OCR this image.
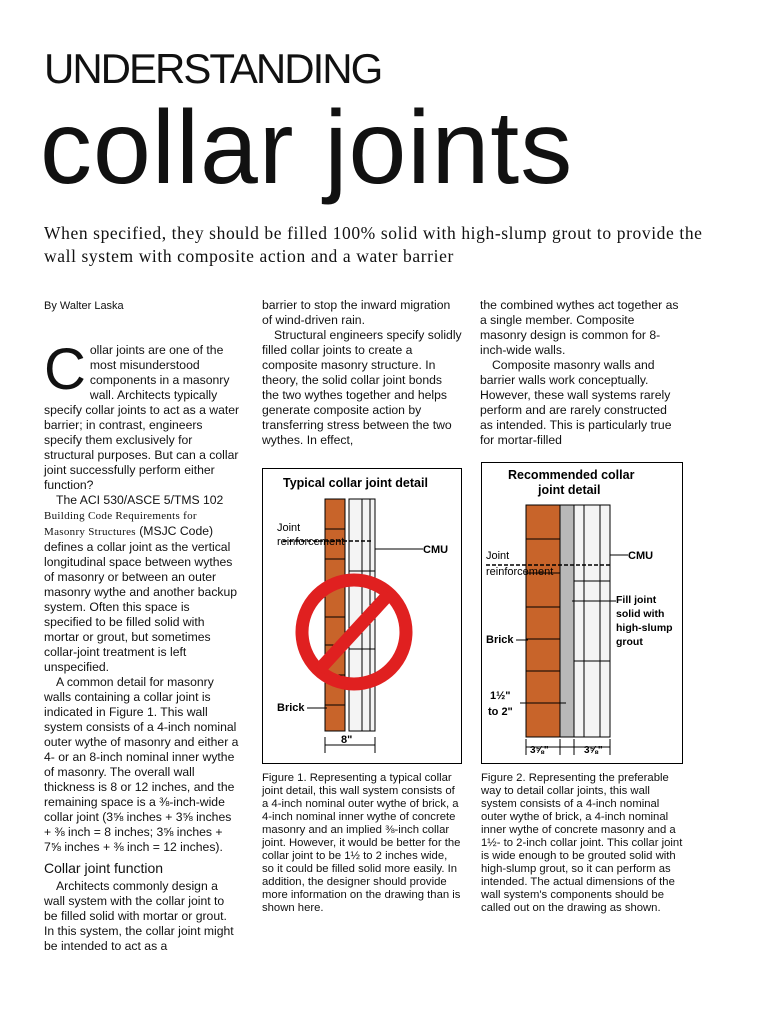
UNDERSTANDING
collar joints
When specified, they should be filled 100% solid with high-slump grout to provide the wall system with composite action and a water barrier
By Walter Laska

Collar joints are one of the most misunderstood components in a masonry wall. Architects typically specify collar joints to act as a water barrier; in contrast, engineers specify them exclusively for structural purposes. But can a collar joint successfully perform either function?

The ACI 530/ASCE 5/TMS 102 Building Code Requirements for Masonry Structures (MSJC Code) defines a collar joint as the vertical longitudinal space between wythes of masonry or between an outer masonry wythe and another backup system. Often this space is specified to be filled solid with mortar or grout, but sometimes collar-joint treatment is left unspecified.

A common detail for masonry walls containing a collar joint is indicated in Figure 1. This wall system consists of a 4-inch nominal outer wythe of masonry and either a 4- or an 8-inch nominal inner wythe of masonry. The overall wall thickness is 8 or 12 inches, and the remaining space is a ⅜-inch-wide collar joint (3⅝ inches + 3⅝ inches + ⅜ inch = 8 inches; 3⅝ inches + 7⅝ inches + ⅜ inch = 12 inches).

Collar joint function

Architects commonly design a wall system with the collar joint to be filled solid with mortar or grout. In this system, the collar joint might be intended to act as a

barrier to stop the inward migration of wind-driven rain.

Structural engineers specify solidly filled collar joints to create a composite masonry structure. In theory, the solid collar joint bonds the two wythes together and helps generate composite action by transferring stress between the two wythes. In effect,

the combined wythes act together as a single member. Composite masonry design is common for 8-inch-wide walls.

Composite masonry walls and barrier walls work conceptually. However, these wall systems rarely perform and are rarely constructed as intended. This is particularly true for mortar-filled

Typical collar joint detail
Joint
reinforcement
CMU
Brick
8"
Figure 1. Representing a typical collar joint detail, this wall system consists of a 4-inch nominal outer wythe of brick, a 4-inch nominal inner wythe of concrete masonry and an implied ⅜-inch collar joint. However, it would be better for the collar joint to be 1½ to 2 inches wide, so it could be filled solid more easily. In addition, the designer should provide more information on the drawing than is shown here.
Recommended collar
joint detail
Joint
reinforcement
CMU
Fill joint
solid with
high-slump
grout
Brick
1½"
to 2"
3⅝"	3⅝"
Figure 2. Representing the preferable way to detail collar joints, this wall system consists of a 4-inch nominal outer wythe of brick, a 4-inch nominal inner wythe of concrete masonry and a 1½- to 2-inch collar joint. This collar joint is wide enough to be grouted solid with high-slump grout, so it can perform as intended. The actual dimensions of the wall system's components should be called out on the drawing as shown.
